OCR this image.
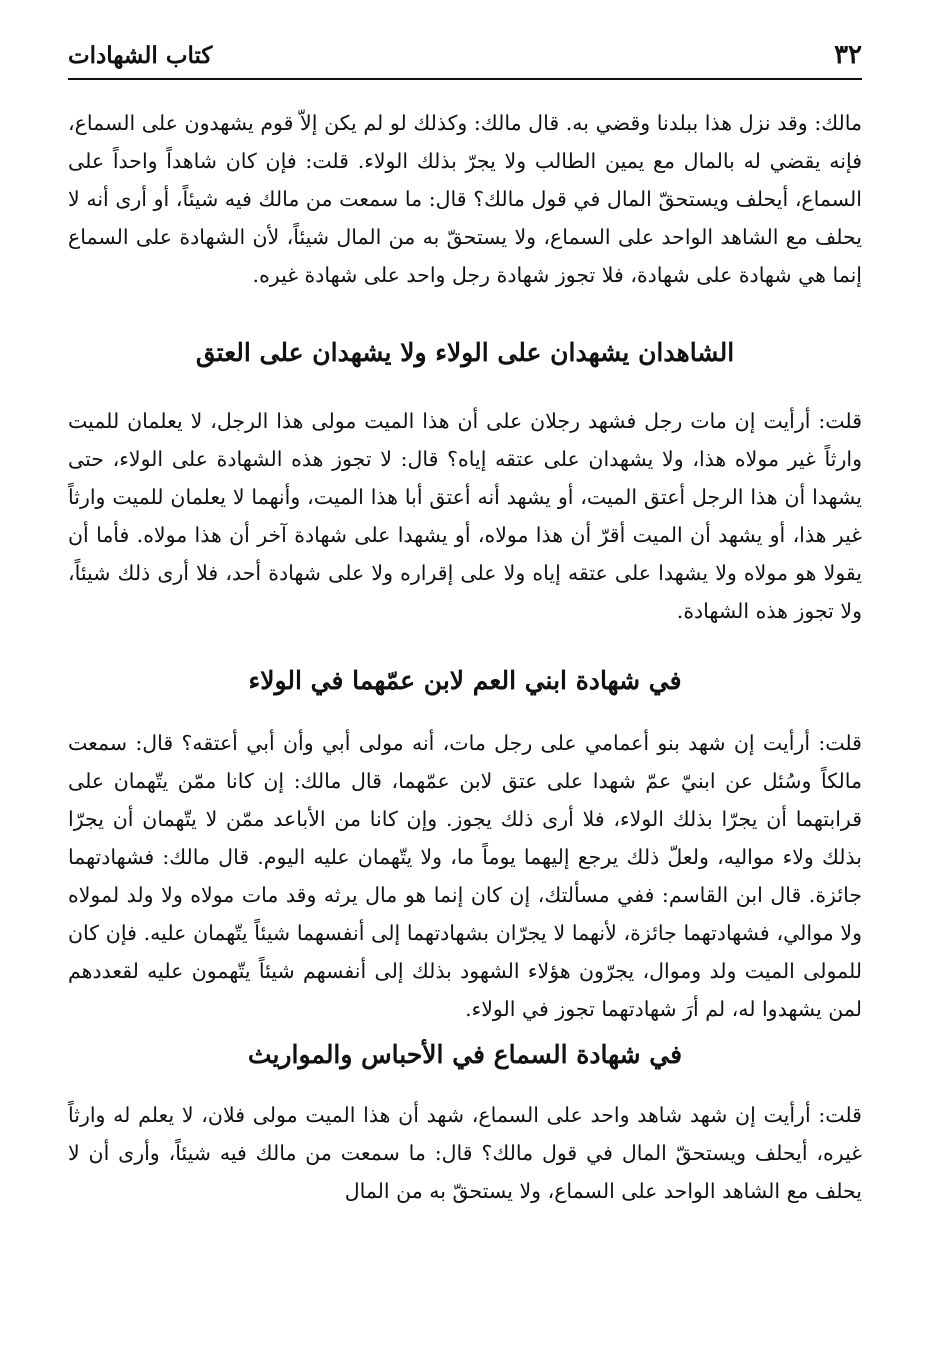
٣٢
كتاب الشهادات

مالك: وقد نزل هذا ببلدنا وقضي به. قال مالك: وكذلك لو لم يكن إلاّ قوم يشهدون على السماع، فإنه يقضي له بالمال مع يمين الطالب ولا يجرّ بذلك الولاء. قلت: فإن كان شاهداً واحداً على السماع، أيحلف ويستحقّ المال في قول مالك؟ قال: ما سمعت من مالك فيه شيئاً، أو أرى أنه لا يحلف مع الشاهد الواحد على السماع، ولا يستحقّ به من المال شيئاً، لأن الشهادة على السماع إنما هي شهادة على شهادة، فلا تجوز شهادة رجل واحد على شهادة غيره.

الشاهدان يشهدان على الولاء ولا يشهدان على العتق

قلت: أرأيت إن مات رجل فشهد رجلان على أن هذا الميت مولى هذا الرجل، لا يعلمان للميت وارثاً غير مولاه هذا، ولا يشهدان على عتقه إياه؟ قال: لا تجوز هذه الشهادة على الولاء، حتى يشهدا أن هذا الرجل أعتق الميت، أو يشهد أنه أعتق أبا هذا الميت، وأنهما لا يعلمان للميت وارثاً غير هذا، أو يشهد أن الميت أقرّ أن هذا مولاه، أو يشهدا على شهادة آخر أن هذا مولاه. فأما أن يقولا هو مولاه ولا يشهدا على عتقه إياه ولا على إقراره ولا على شهادة أحد، فلا أرى ذلك شيئاً، ولا تجوز هذه الشهادة.

في شهادة ابني العم لابن عمّهما في الولاء

قلت: أرأيت إن شهد بنو أعمامي على رجل مات، أنه مولى أبي وأن أبي أعتقه؟ قال: سمعت مالكاً وسُئل عن ابنيّ عمّ شهدا على عتق لابن عمّهما، قال مالك: إن كانا ممّن يتّهمان على قرابتهما أن يجرّا بذلك الولاء، فلا أرى ذلك يجوز. وإن كانا من الأباعد ممّن لا يتّهمان أن يجرّا بذلك ولاء مواليه، ولعلّ ذلك يرجع إليهما يوماً ما، ولا يتّهمان عليه اليوم. قال مالك: فشهادتهما جائزة. قال ابن القاسم: ففي مسألتك، إن كان إنما هو مال يرثه وقد مات مولاه ولا ولد لمولاه ولا موالي، فشهادتهما جائزة، لأنهما لا يجرّان بشهادتهما إلى أنفسهما شيئاً يتّهمان عليه. فإن كان للمولى الميت ولد وموال، يجرّون هؤلاء الشهود بذلك إلى أنفسهم شيئاً يتّهمون عليه لقعددهم لمن يشهدوا له، لم أرَ شهادتهما تجوز في الولاء.

في شهادة السماع في الأحباس والمواريث

قلت: أرأيت إن شهد شاهد واحد على السماع، شهد أن هذا الميت مولى فلان، لا يعلم له وارثاً غيره، أيحلف ويستحقّ المال في قول مالك؟ قال: ما سمعت من مالك فيه شيئاً، وأرى أن لا يحلف مع الشاهد الواحد على السماع، ولا يستحقّ به من المال
